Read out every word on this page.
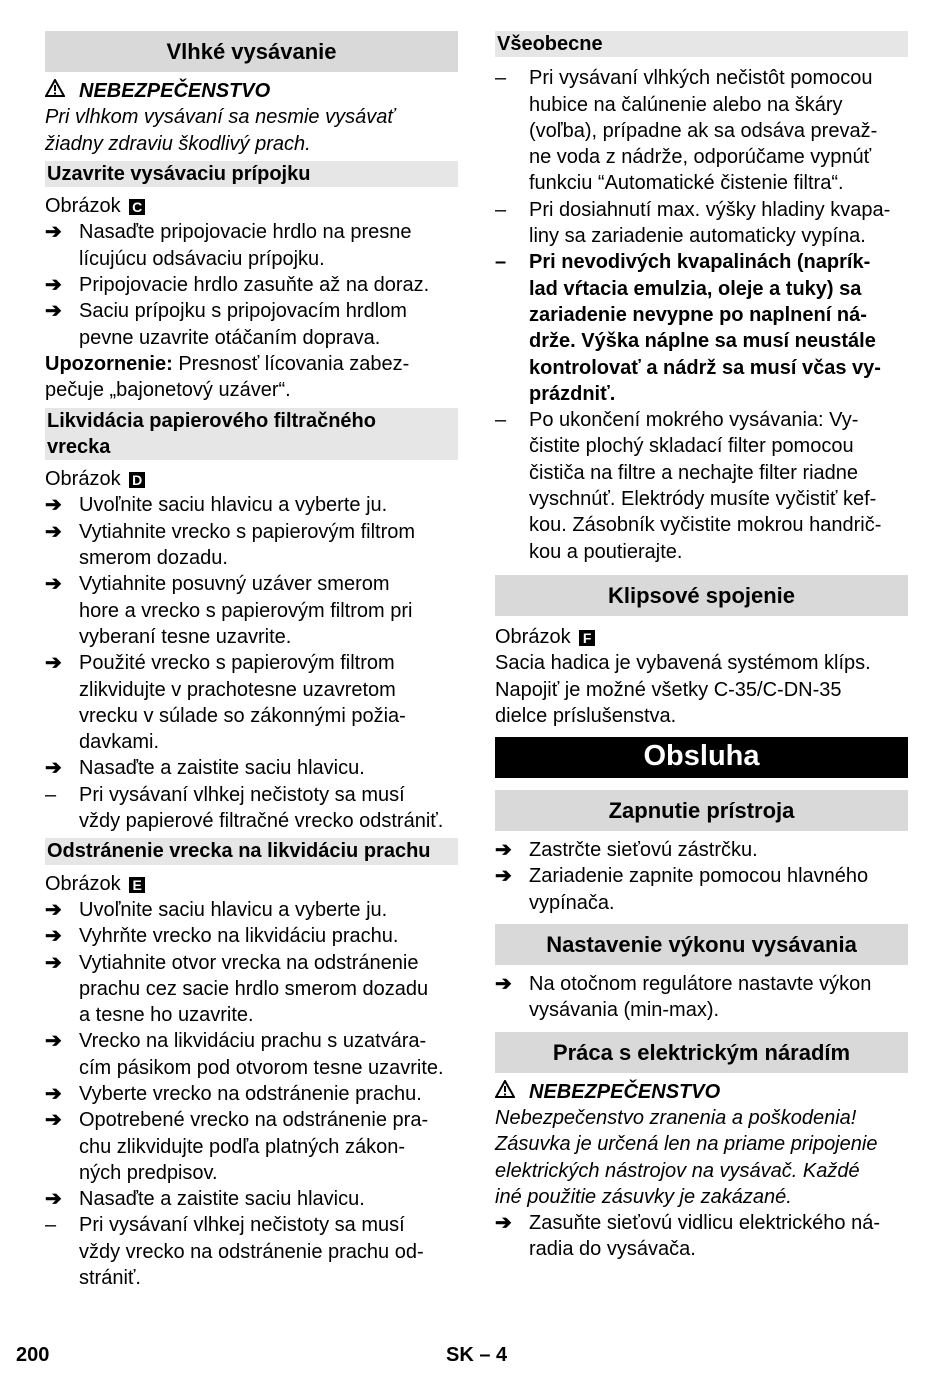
Vlhké vysávanie
NEBEZPEČENSTVO
Pri vlhkom vysávaní sa nesmie vysávať
žiadny zdraviu škodlivý prach.
Uzavrite vysávaciu prípojku
Obrázok C
➔ Nasaďte pripojovacie hrdlo na presne
lícujúcu odsávaciu prípojku.
➔ Pripojovacie hrdlo zasuňte až na doraz.
➔ Saciu prípojku s pripojovacím hrdlom
pevne uzavrite otáčaním doprava.
Upozornenie: Presnosť lícovania zabez-
pečuje „bajonetový uzáver“.
Likvidácia papierového filtračného
vrecka
Obrázok D
➔ Uvoľnite saciu hlavicu a vyberte ju.
➔ Vytiahnite vrecko s papierovým filtrom
smerom dozadu.
➔ Vytiahnite posuvný uzáver smerom
hore a vrecko s papierovým filtrom pri
vyberaní tesne uzavrite.
➔ Použité vrecko s papierovým filtrom
zlikvidujte v prachotesne uzavretom
vrecku v súlade so zákonnými požia-
davkami.
➔ Nasaďte a zaistite saciu hlavicu.
–	Pri vysávaní vlhkej nečistoty sa musí
vždy papierové filtračné vrecko odstrániť.
Odstránenie vrecka na likvidáciu prachu
Obrázok E
➔ Uvoľnite saciu hlavicu a vyberte ju.
➔ Vyhrňte vrecko na likvidáciu prachu.
➔ Vytiahnite otvor vrecka na odstránenie
prachu cez sacie hrdlo smerom dozadu
a tesne ho uzavrite.
➔ Vrecko na likvidáciu prachu s uzatvára-
cím pásikom pod otvorom tesne uzavrite.
➔ Vyberte vrecko na odstránenie prachu.
➔ Opotrebené vrecko na odstránenie pra-
chu zlikvidujte podľa platných zákon-
ných predpisov.
➔ Nasaďte a zaistite saciu hlavicu.
–	Pri vysávaní vlhkej nečistoty sa musí
vždy vrecko na odstránenie prachu od-
strániť.
Všeobecne
–	Pri vysávaní vlhkých nečistôt pomocou
hubice na čalúnenie alebo na škáry
(voľba), prípadne ak sa odsáva prevaž-
ne voda z nádrže, odporúčame vypnúť
funkciu “Automatické čistenie filtra“.
–	Pri dosiahnutí max. výšky hladiny kvapa-
liny sa zariadenie automaticky vypína.
–	Pri nevodivých kvapalinách (naprík-
lad vŕtacia emulzia, oleje a tuky) sa
zariadenie nevypne po naplnení ná-
drže. Výška náplne sa musí neustále
kontrolovať a nádrž sa musí včas vy-
prázdniť.
–	Po ukončení mokrého vysávania: Vy-
čistite plochý skladací filter pomocou
čističa na filtre a nechajte filter riadne
vyschnúť. Elektródy musíte vyčistiť kef-
kou. Zásobník vyčistite mokrou handrič-
kou a poutierajte.
Klipsové spojenie
Obrázok F
Sacia hadica je vybavená systémom klíps.
Napojiť je možné všetky C-35/C-DN-35
dielce príslušenstva.
Obsluha
Zapnutie prístroja
➔ Zastrčte sieťovú zástrčku.
➔ Zariadenie zapnite pomocou hlavného
vypínača.
Nastavenie výkonu vysávania
➔ Na otočnom regulátore nastavte výkon
vysávania (min-max).
Práca s elektrickým náradím
NEBEZPEČENSTVO
Nebezpečenstvo zranenia a poškodenia!
Zásuvka je určená len na priame pripojenie
elektrických nástrojov na vysávač. Každé
iné použitie zásuvky je zakázané.
➔ Zasuňte sieťovú vidlicu elektrického ná-
radia do vysávača.
200	SK – 4
